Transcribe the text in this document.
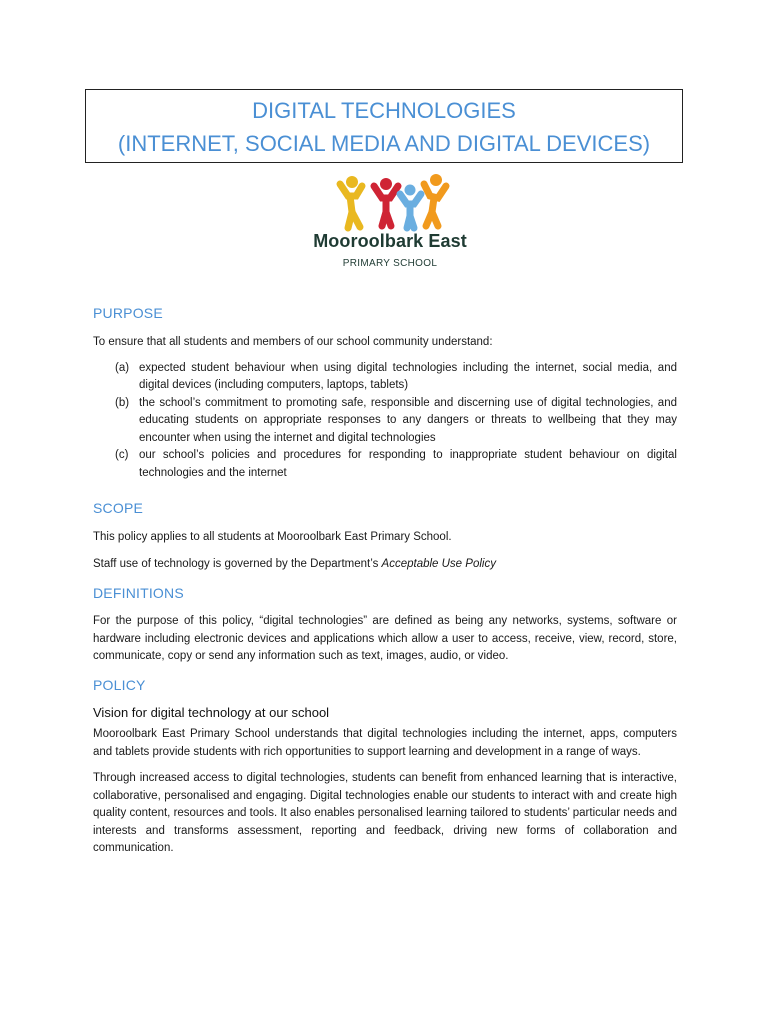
DIGITAL TECHNOLOGIES
(INTERNET, SOCIAL MEDIA AND DIGITAL DEVICES)
Mooroolbark East
PRIMARY SCHOOL
PURPOSE

To ensure that all students and members of our school community understand:

(a) expected student behaviour when using digital technologies including the internet, social media, and digital devices (including computers, laptops, tablets)
(b) the school’s commitment to promoting safe, responsible and discerning use of digital technologies, and educating students on appropriate responses to any dangers or threats to wellbeing that they may encounter when using the internet and digital technologies
(c) our school’s policies and procedures for responding to inappropriate student behaviour on digital technologies and the internet
SCOPE

This policy applies to all students at Mooroolbark East Primary School.

Staff use of technology is governed by the Department’s Acceptable Use Policy

DEFINITIONS

For the purpose of this policy, “digital technologies” are defined as being any networks, systems, software or hardware including electronic devices and applications which allow a user to access, receive, view, record, store, communicate, copy or send any information such as text, images, audio, or video.

POLICY

Vision for digital technology at our school

Mooroolbark East Primary School understands that digital technologies including the internet, apps, computers and tablets provide students with rich opportunities to support learning and development in a range of ways.

Through increased access to digital technologies, students can benefit from enhanced learning that is interactive, collaborative, personalised and engaging. Digital technologies enable our students to interact with and create high quality content, resources and tools. It also enables personalised learning tailored to students’ particular needs and interests and transforms assessment, reporting and feedback, driving new forms of collaboration and communication.
